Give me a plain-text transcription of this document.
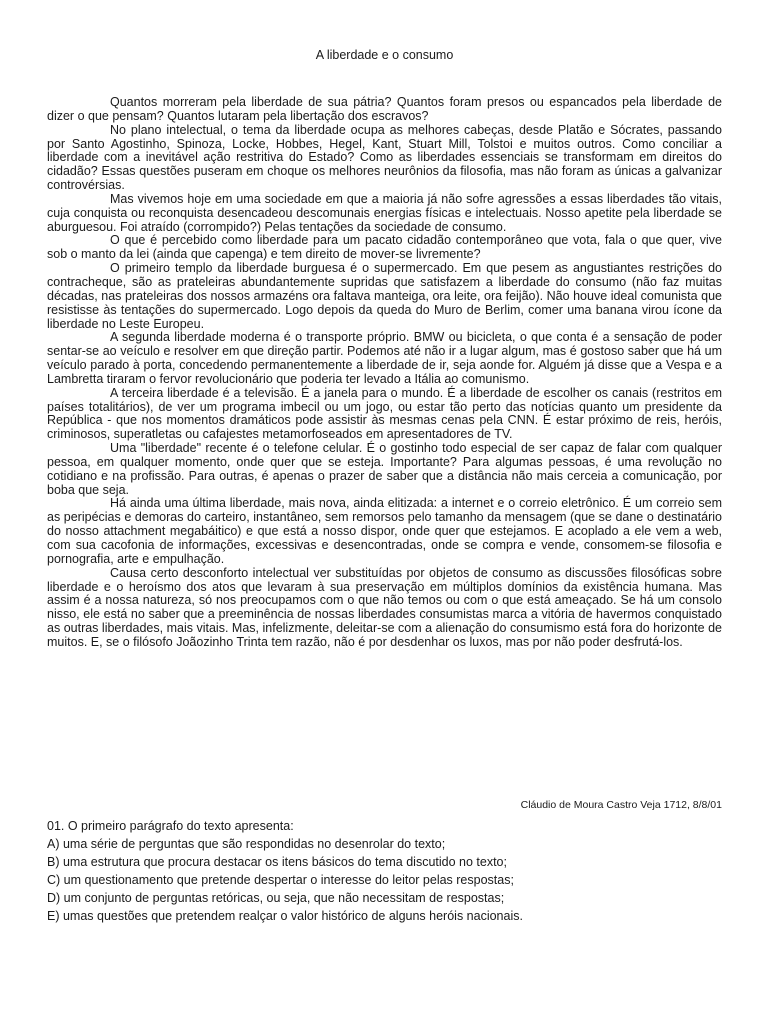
A liberdade e o consumo

Quantos morreram pela liberdade de sua pátria? Quantos foram presos ou espancados pela liberdade de dizer o que pensam? Quantos lutaram pela libertação dos escravos?

No plano intelectual, o tema da liberdade ocupa as melhores cabeças, desde Platão e Sócrates, passando por Santo Agostinho, Spinoza, Locke, Hobbes, Hegel, Kant, Stuart Mill, Tolstoi e muitos outros. Como conciliar a liberdade com a inevitável ação restritiva do Estado? Como as liberdades essenciais se transformam em direitos do cidadão? Essas questões puseram em choque os melhores neurônios da filosofia, mas não foram as únicas a galvanizar controvérsias.

Mas vivemos hoje em uma sociedade em que a maioria já não sofre agressões a essas liberdades tão vitais, cuja conquista ou reconquista desencadeou descomunais energias físicas e intelectuais. Nosso apetite pela liberdade se aburguesou. Foi atraído (corrompido?) Pelas tentações da sociedade de consumo.

O que é percebido como liberdade para um pacato cidadão contemporâneo que vota, fala o que quer, vive sob o manto da lei (ainda que capenga) e tem direito de mover-se livremente?

O primeiro templo da liberdade burguesa é o supermercado. Em que pesem as angustiantes restrições do contracheque, são as prateleiras abundantemente supridas que satisfazem a liberdade do consumo (não faz muitas décadas, nas prateleiras dos nossos armazéns ora faltava manteiga, ora leite, ora feijão). Não houve ideal comunista que resistisse às tentações do supermercado. Logo depois da queda do Muro de Berlim, comer uma banana virou ícone da liberdade no Leste Europeu.

A segunda liberdade moderna é o transporte próprio. BMW ou bicicleta, o que conta é a sensação de poder sentar-se ao veículo e resolver em que direção partir. Podemos até não ir a lugar algum, mas é gostoso saber que há um veículo parado à porta, concedendo permanentemente a liberdade de ir, seja aonde for. Alguém já disse que a Vespa e a Lambretta tiraram o fervor revolucionário que poderia ter levado a Itália ao comunismo.

A terceira liberdade é a televisão. É a janela para o mundo. É a liberdade de escolher os canais (restritos em países totalitários), de ver um programa imbecil ou um jogo, ou estar tão perto das notícias quanto um presidente da República - que nos momentos dramáticos pode assistir às mesmas cenas pela CNN. É estar próximo de reis, heróis, criminosos, superatletas ou cafajestes metamorfoseados em apresentadores de TV.

Uma "liberdade" recente é o telefone celular. É o gostinho todo especial de ser capaz de falar com qualquer pessoa, em qualquer momento, onde quer que se esteja. Importante? Para algumas pessoas, é uma revolução no cotidiano e na profissão. Para outras, é apenas o prazer de saber que a distância não mais cerceia a comunicação, por boba que seja.

Há ainda uma última liberdade, mais nova, ainda elitizada: a internet e o correio eletrônico. É um correio sem as peripécias e demoras do carteiro, instantâneo, sem remorsos pelo tamanho da mensagem (que se dane o destinatário do nosso attachment megabáitico) e que está a nosso dispor, onde quer que estejamos. E acoplado a ele vem a web, com sua cacofonia de informações, excessivas e desencontradas, onde se compra e vende, consomem-se filosofia e pornografia, arte e empulhação.

Causa certo desconforto intelectual ver substituídas por objetos de consumo as discussões filosóficas sobre liberdade e o heroísmo dos atos que levaram à sua preservação em múltiplos domínios da existência humana. Mas assim é a nossa natureza, só nos preocupamos com o que não temos ou com o que está ameaçado. Se há um consolo nisso, ele está no saber que a preeminência de nossas liberdades consumistas marca a vitória de havermos conquistado as outras liberdades, mais vitais. Mas, infelizmente, deleitar-se com a alienação do consumismo está fora do horizonte de muitos. E, se o filósofo Joãozinho Trinta tem razão, não é por desdenhar os luxos, mas por não poder desfrutá-los.

Cláudio de Moura Castro Veja 1712, 8/8/01

01. O primeiro parágrafo do texto apresenta:

A) uma série de perguntas que são respondidas no desenrolar do texto;
B) uma estrutura que procura destacar os itens básicos do tema discutido no texto;
C) um questionamento que pretende despertar o interesse do leitor pelas respostas;
D) um conjunto de perguntas retóricas, ou seja, que não necessitam de respostas;
E) umas questões que pretendem realçar o valor histórico de alguns heróis nacionais.
